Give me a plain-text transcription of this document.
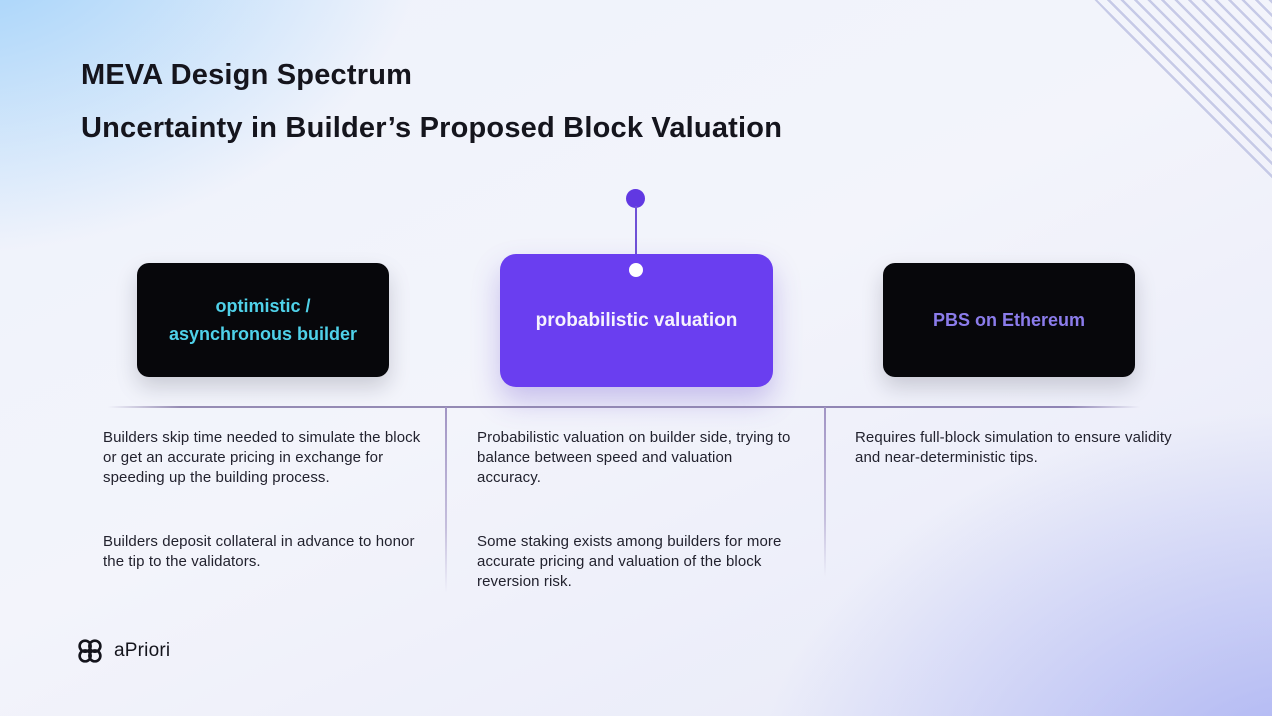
MEVA Design Spectrum
Uncertainty in Builder’s Proposed Block Valuation
optimistic / asynchronous builder
probabilistic valuation	PBS on Ethereum

Builders skip time needed to simulate the block or get an accurate pricing in exchange for speeding up the building process.

Builders deposit collateral in advance to honor the tip to the validators.

Probabilistic valuation on builder side, trying to balance between speed and valuation accuracy.

Some staking exists among builders for more accurate pricing and valuation of the block reversion risk.

Requires full-block simulation to ensure validity and near-deterministic tips.

aPriori
